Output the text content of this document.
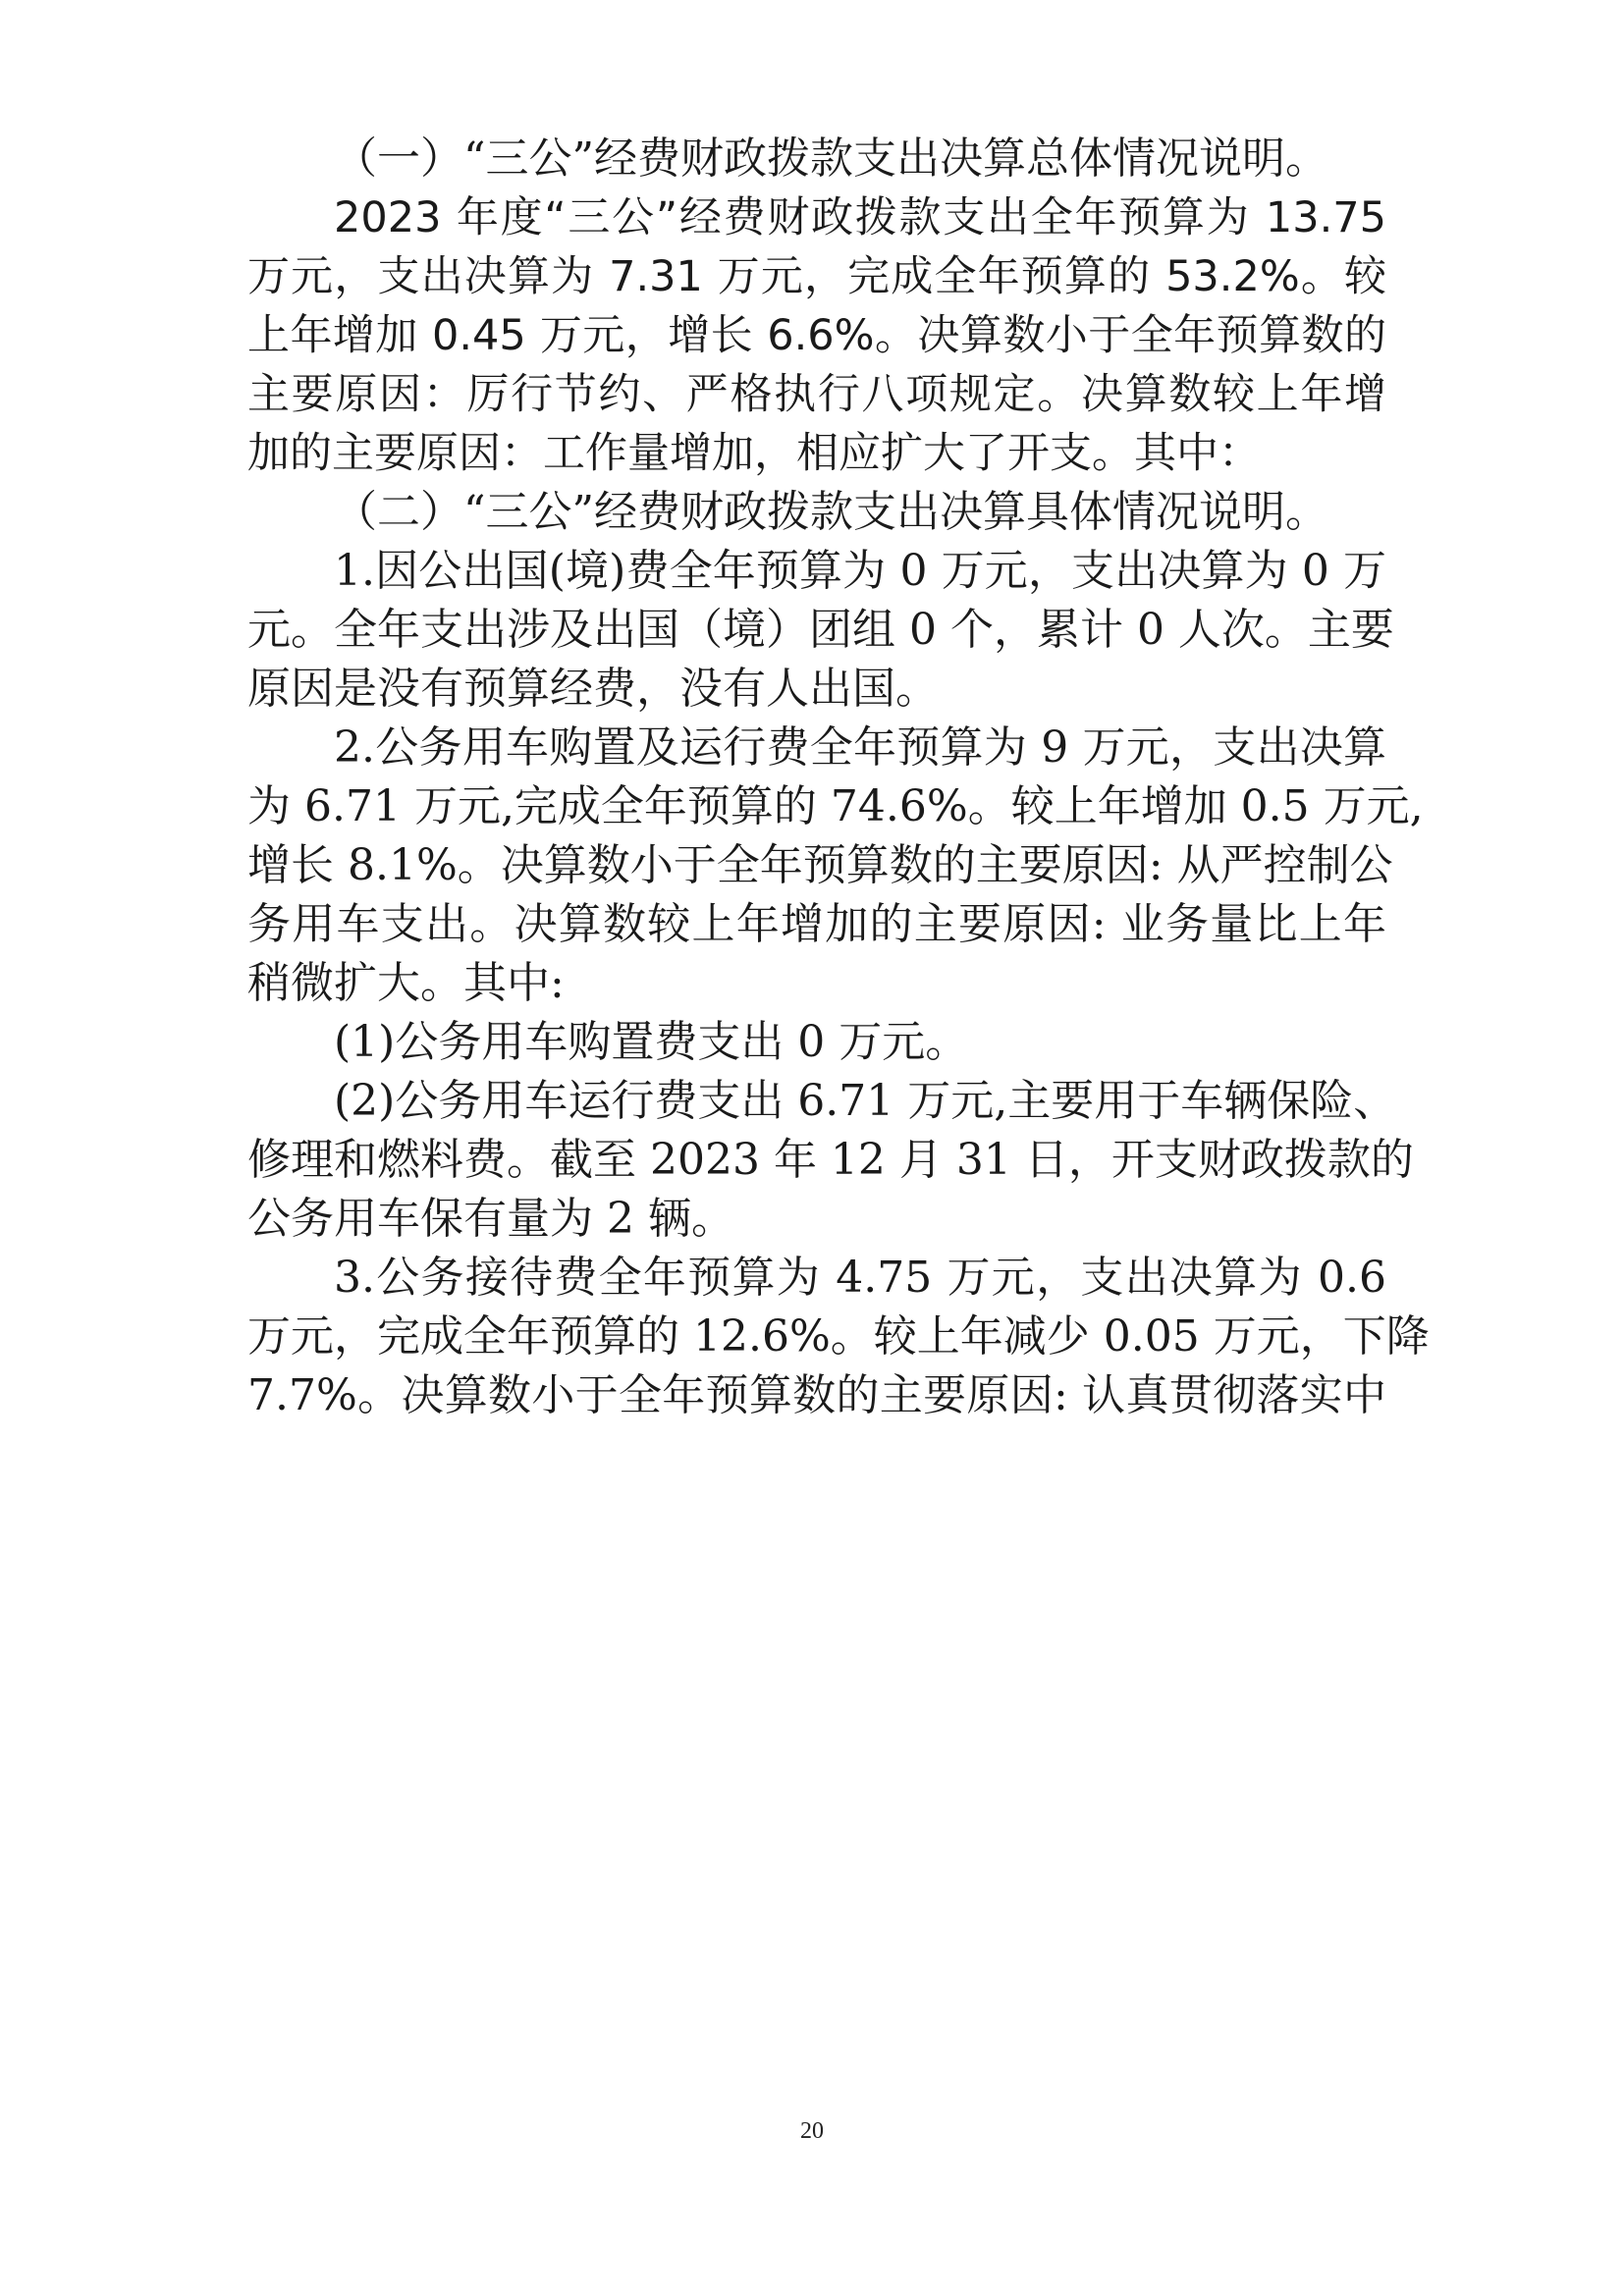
（一）“三公”经费财政拨款支出决算总体情况说明。
2023 年度“三公”经费财政拨款支出全年预算为 13.75
万元，支出决算为 7.31 万元，完成全年预算的 53.2%。较
上年增加 0.45 万元，增长 6.6%。决算数小于全年预算数的
主要原因：厉行节约、严格执行八项规定。决算数较上年增
加的主要原因：工作量增加，相应扩大了开支。其中：
（二）“三公”经费财政拨款支出决算具体情况说明。
1.因公出国(境)费全年预算为 0 万元，支出决算为 0 万
元。全年支出涉及出国（境）团组 0 个，累计 0 人次。主要
原因是没有预算经费，没有人出国。
2.公务用车购置及运行费全年预算为 9 万元，支出决算
为 6.71 万元,完成全年预算的 74.6%。较上年增加 0.5 万元,
增长 8.1%。决算数小于全年预算数的主要原因: 从严控制公
务用车支出。决算数较上年增加的主要原因: 业务量比上年
稍微扩大。其中:
(1)公务用车购置费支出 0 万元。
(2)公务用车运行费支出 6.71 万元,主要用于车辆保险、
修理和燃料费。截至 2023 年 12 月 31 日，开支财政拨款的
公务用车保有量为 2 辆。
3.公务接待费全年预算为 4.75 万元，支出决算为 0.6
万元，完成全年预算的 12.6%。较上年减少 0.05 万元，下降
7.7%。决算数小于全年预算数的主要原因: 认真贯彻落实中
20
